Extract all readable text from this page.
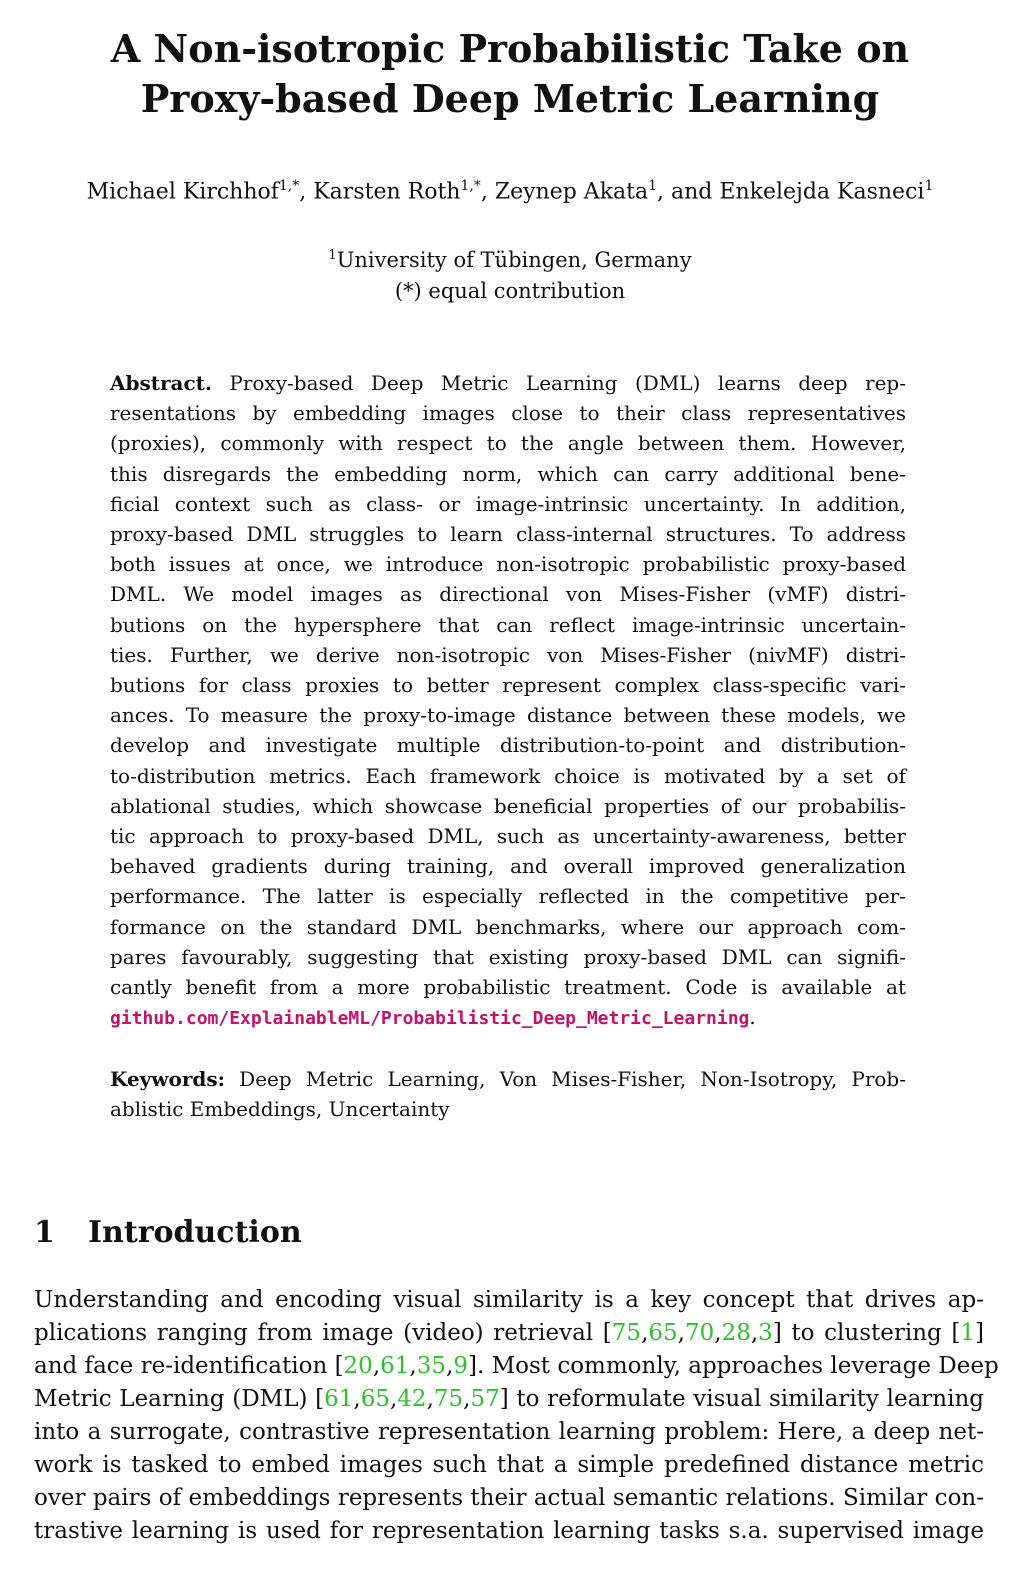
A Non-isotropic Probabilistic Take on
Proxy-based Deep Metric Learning
Michael Kirchhof$^{1,*}$, Karsten Roth$^{1,*}$, Zeynep Akata$^1$, and Enkelejda Kasneci$^1$
$^1$University of Tübingen, Germany
(*) equal contribution
Abstract. Proxy-based Deep Metric Learning (DML) learns deep rep-
resentations by embedding images close to their class representatives
(proxies), commonly with respect to the angle between them. However,
this disregards the embedding norm, which can carry additional bene-
ficial context such as class- or image-intrinsic uncertainty. In addition,
proxy-based DML struggles to learn class-internal structures. To address
both issues at once, we introduce non-isotropic probabilistic proxy-based
DML. We model images as directional von Mises-Fisher (vMF) distri-
butions on the hypersphere that can reflect image-intrinsic uncertain-
ties. Further, we derive non-isotropic von Mises-Fisher (nivMF) distri-
butions for class proxies to better represent complex class-specific vari-
ances. To measure the proxy-to-image distance between these models, we
develop and investigate multiple distribution-to-point and distribution-
to-distribution metrics. Each framework choice is motivated by a set of
ablational studies, which showcase beneficial properties of our probabilis-
tic approach to proxy-based DML, such as uncertainty-awareness, better
behaved gradients during training, and overall improved generalization
performance. The latter is especially reflected in the competitive per-
formance on the standard DML benchmarks, where our approach com-
pares favourably, suggesting that existing proxy-based DML can signifi-
cantly benefit from a more probabilistic treatment. Code is available at
github.com/ExplainableML/Probabilistic_Deep_Metric_Learning.
Keywords: Deep Metric Learning, Von Mises-Fisher, Non-Isotropy, Prob-
ablistic Embeddings, Uncertainty
1 Introduction
Understanding and encoding visual similarity is a key concept that drives ap-
plications ranging from image (video) retrieval [75,65,70,28,3] to clustering [1]
and face re-identification [20,61,35,9]. Most commonly, approaches leverage Deep
Metric Learning (DML) [61,65,42,75,57] to reformulate visual similarity learning
into a surrogate, contrastive representation learning problem: Here, a deep net-
work is tasked to embed images such that a simple predefined distance metric
over pairs of embeddings represents their actual semantic relations. Similar con-
trastive learning is used for representation learning tasks s.a. supervised image
